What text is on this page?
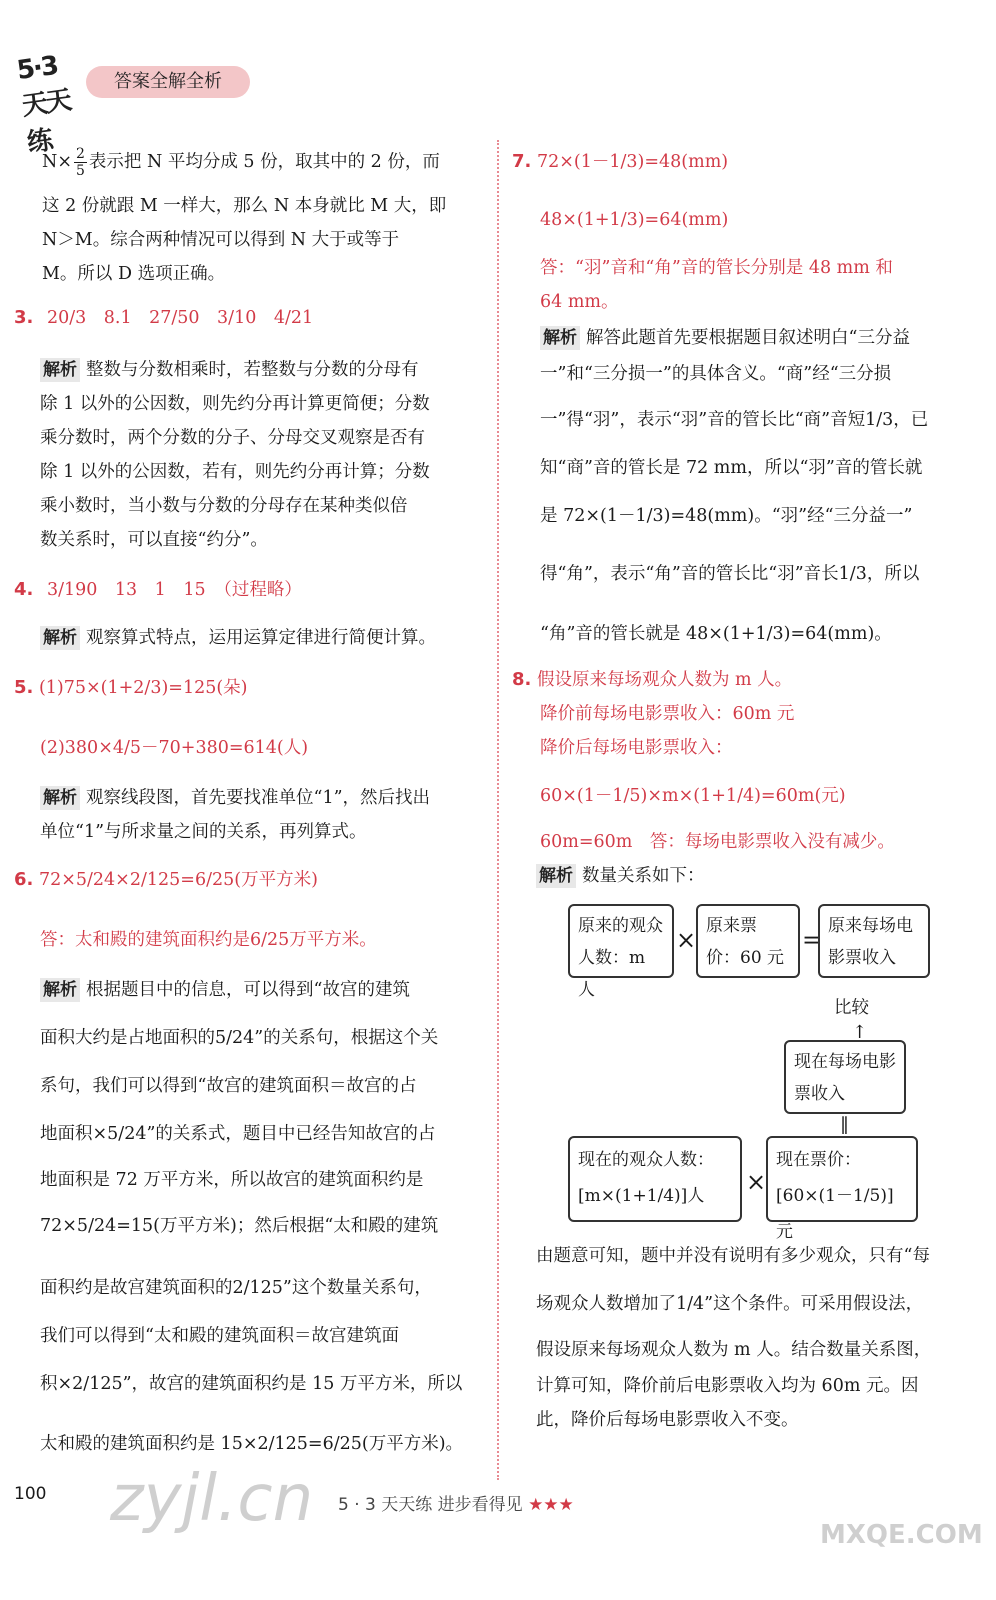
5·3天天练
答案全解全析
$N\times \frac{2}{5}$ 表示把 N 平均分成 5 份，取其中的 2 份，而
这 2 份就跟 M 一样大，那么 N 本身就比 M 大，即
N＞M。综合两种情况可以得到 N 大于或等于
M。所以 D 选项正确。
3. 20/3　 8.1　 27/50　 3/10　 4/21
解析 整数与分数相乘时，若整数与分数的分母有
除 1 以外的公因数，则先约分再计算更简便；分数
乘分数时，两个分数的分子、分母交叉观察是否有
除 1 以外的公因数，若有，则先约分再计算；分数
乘小数时，当小数与分数的分母存在某种类似倍
数关系时，可以直接“约分”。
4. 3/190　 13　 1　 15　 （过程略）
解析 观察算式特点，运用运算定律进行简便计算。
5. (1)75×(1+2/3)=125(朵)
(2)380×4/5－70+380=614(人)
解析 观察线段图，首先要找准单位“1”，然后找出
单位“1”与所求量之间的关系，再列算式。
6. 72×5/24×2/125=6/25(万平方米)
答：太和殿的建筑面积约是6/25万平方米。
解析 根据题目中的信息，可以得到“故宫的建筑
面积大约是占地面积的5/24”的关系句，根据这个关
系句，我们可以得到“故宫的建筑面积＝故宫的占
地面积×5/24”的关系式，题目中已经告知故宫的占
地面积是 72 万平方米，所以故宫的建筑面积约是
72×5/24=15(万平方米)；然后根据“太和殿的建筑
面积约是故宫建筑面积的2/125”这个数量关系句，
我们可以得到“太和殿的建筑面积＝故宫建筑面
积×2/125”，故宫的建筑面积约是 15 万平方米，所以
太和殿的建筑面积约是 15×2/125=6/25(万平方米)。
7. 72×(1－1/3)=48(mm)
48×(1+1/3)=64(mm)
答：“羽”音和“角”音的管长分别是 48 mm 和
64 mm。
解析 解答此题首先要根据题目叙述明白“三分益
一”和“三分损一”的具体含义。“商”经“三分损
一”得“羽”，表示“羽”音的管长比“商”音短1/3，已
知“商”音的管长是 72 mm，所以“羽”音的管长就
是 72×(1－1/3)=48(mm)。“羽”经“三分益一”
得“角”，表示“角”音的管长比“羽”音长1/3，所以
“角”音的管长就是 48×(1+1/3)=64(mm)。
8. 假设原来每场观众人数为 m 人。
降价前每场电影票收入：60m 元
降价后每场电影票收入：
60×(1－1/5)×m×(1+1/4)=60m(元)
60m=60m　答：每场电影票收入没有减少。
解析 数量关系如下：
原来的观众人数：m 人
× 原来票价：60 元
= 原来每场电影票收入
比较
↑
现在每场电影票收入
‖
现在的观众人数：[m×(1+1/4)]人	×
现在票价：[60×(1－1/5)]元
由题意可知，题中并没有说明有多少观众，只有“每
场观众人数增加了1/4”这个条件。可采用假设法，
假设原来每场观众人数为 m 人。结合数量关系图，
计算可知，降价前后电影票收入均为 60m 元。因
此，降价后每场电影票收入不变。
100 zyjl.cn 5 · 3 天天练 进步看得见 ★★★
MXQE.COM
